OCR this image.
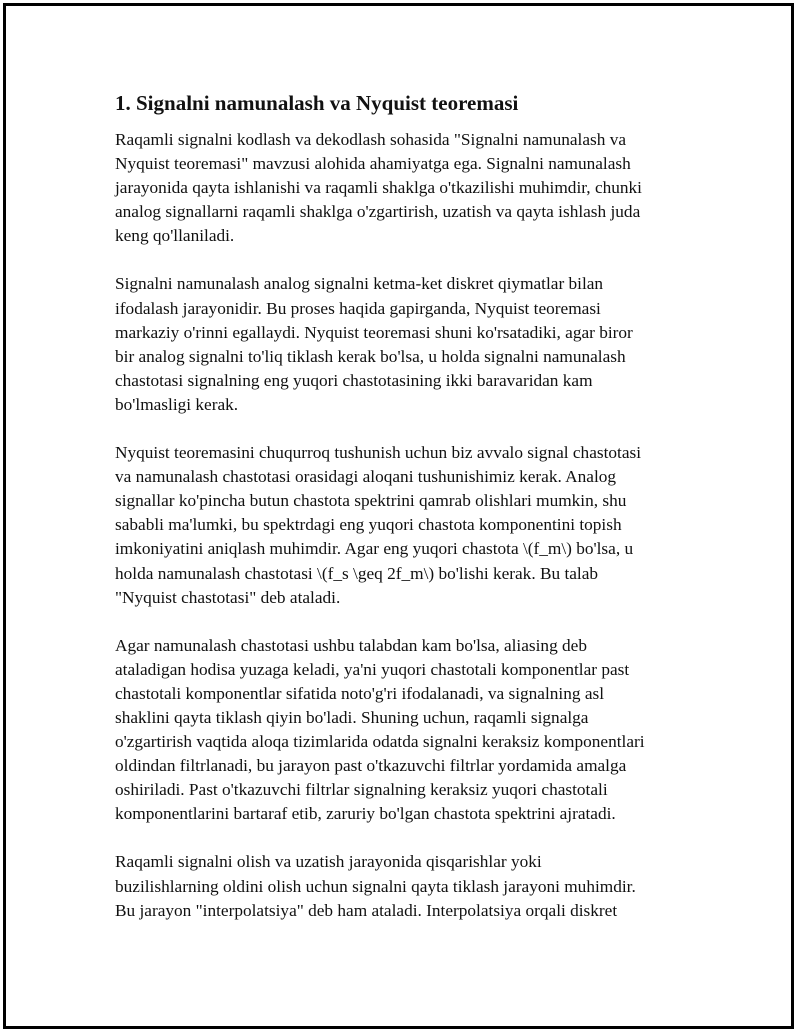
1. Signalni namunalash va Nyquist teoremasi

Raqamli signalni kodlash va dekodlash sohasida "Signalni namunalash va
Nyquist teoremasi" mavzusi alohida ahamiyatga ega. Signalni namunalash
jarayonida qayta ishlanishi va raqamli shaklga o'tkazilishi muhimdir, chunki
analog signallarni raqamli shaklga o'zgartirish, uzatish va qayta ishlash juda
keng qo'llaniladi.

Signalni namunalash analog signalni ketma-ket diskret qiymatlar bilan
ifodalash jarayonidir. Bu proses haqida gapirganda, Nyquist teoremasi
markaziy o'rinni egallaydi. Nyquist teoremasi shuni ko'rsatadiki, agar biror
bir analog signalni to'liq tiklash kerak bo'lsa, u holda signalni namunalash
chastotasi signalning eng yuqori chastotasining ikki baravaridan kam
bo'lmasligi kerak.

Nyquist teoremasini chuqurroq tushunish uchun biz avvalo signal chastotasi
va namunalash chastotasi orasidagi aloqani tushunishimiz kerak. Analog
signallar ko'pincha butun chastota spektrini qamrab olishlari mumkin, shu
sababli ma'lumki, bu spektrdagi eng yuqori chastota komponentini topish
imkoniyatini aniqlash muhimdir. Agar eng yuqori chastota \(f_m\) bo'lsa, u
holda namunalash chastotasi \(f_s \geq 2f_m\) bo'lishi kerak. Bu talab
"Nyquist chastotasi" deb ataladi.

Agar namunalash chastotasi ushbu talabdan kam bo'lsa, aliasing deb
ataladigan hodisa yuzaga keladi, ya'ni yuqori chastotali komponentlar past
chastotali komponentlar sifatida noto'g'ri ifodalanadi, va signalning asl
shaklini qayta tiklash qiyin bo'ladi. Shuning uchun, raqamli signalga
o'zgartirish vaqtida aloqa tizimlarida odatda signalni keraksiz komponentlari
oldindan filtrlanadi, bu jarayon past o'tkazuvchi filtrlar yordamida amalga
oshiriladi. Past o'tkazuvchi filtrlar signalning keraksiz yuqori chastotali
komponentlarini bartaraf etib, zaruriy bo'lgan chastota spektrini ajratadi.

Raqamli signalni olish va uzatish jarayonida qisqarishlar yoki
buzilishlarning oldini olish uchun signalni qayta tiklash jarayoni muhimdir.
Bu jarayon "interpolatsiya" deb ham ataladi. Interpolatsiya orqali diskret
